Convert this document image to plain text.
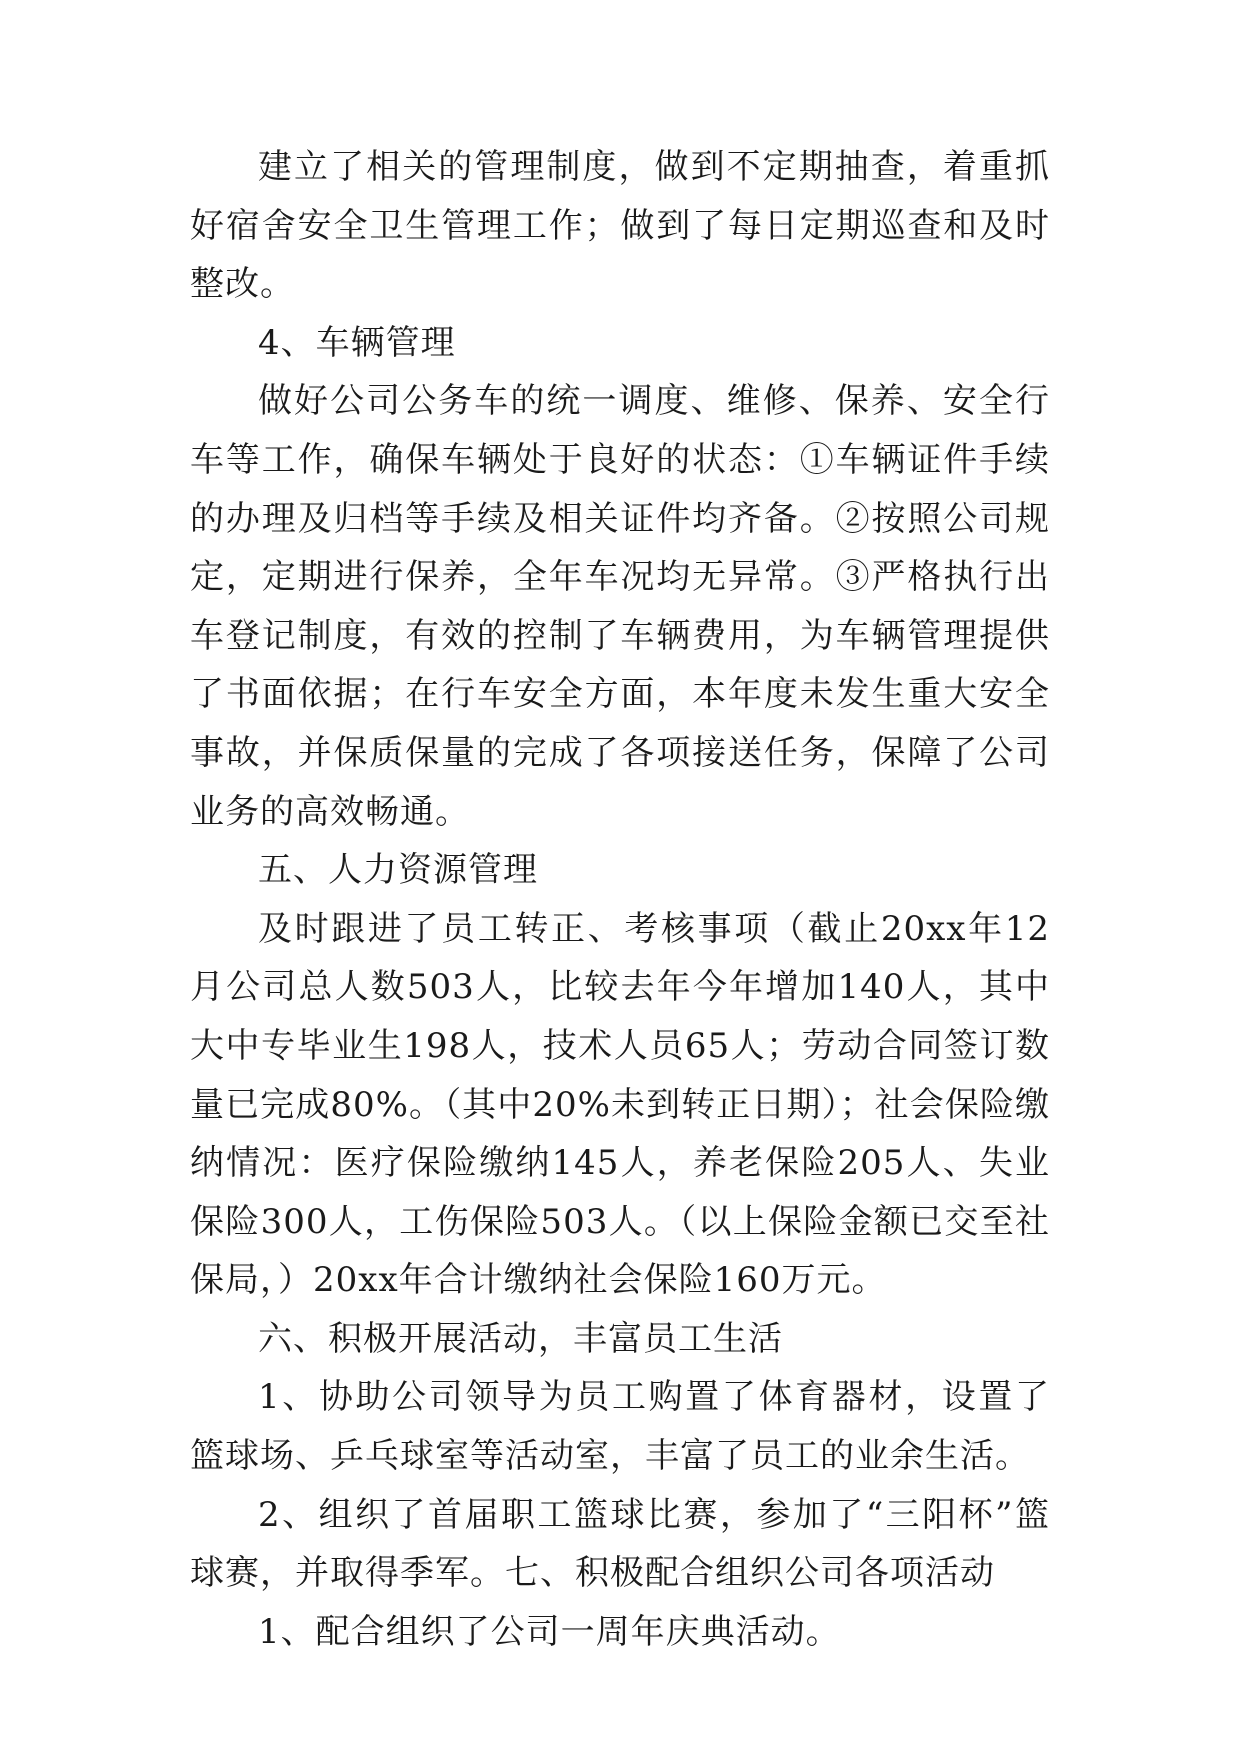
建立了相关的管理制度，做到不定期抽查，着重抓好宿舍安全卫生管理工作；做到了每日定期巡查和及时整改。

4、车辆管理

做好公司公务车的统一调度、维修、保养、安全行车等工作，确保车辆处于良好的状态：①车辆证件手续的办理及归档等手续及相关证件均齐备。②按照公司规定，定期进行保养，全年车况均无异常。③严格执行出车登记制度，有效的控制了车辆费用，为车辆管理提供了书面依据；在行车安全方面，本年度未发生重大安全事故，并保质保量的完成了各项接送任务，保障了公司业务的高效畅通。

五、人力资源管理

及时跟进了员工转正、考核事项（截止20xx年12月公司总人数503人，比较去年今年增加140人，其中大中专毕业生198人，技术人员65人；劳动合同签订数量已完成80%。（其中20%未到转正日期）；社会保险缴纳情况：医疗保险缴纳145人，养老保险205人、失业保险300人，工伤保险503人。（以上保险金额已交至社保局，）20xx年合计缴纳社会保险160万元。

六、积极开展活动，丰富员工生活

1、协助公司领导为员工购置了体育器材，设置了篮球场、乒乓球室等活动室，丰富了员工的业余生活。

2、组织了首届职工篮球比赛，参加了“三阳杯”篮球赛，并取得季军。七、积极配合组织公司各项活动

1、配合组织了公司一周年庆典活动。
